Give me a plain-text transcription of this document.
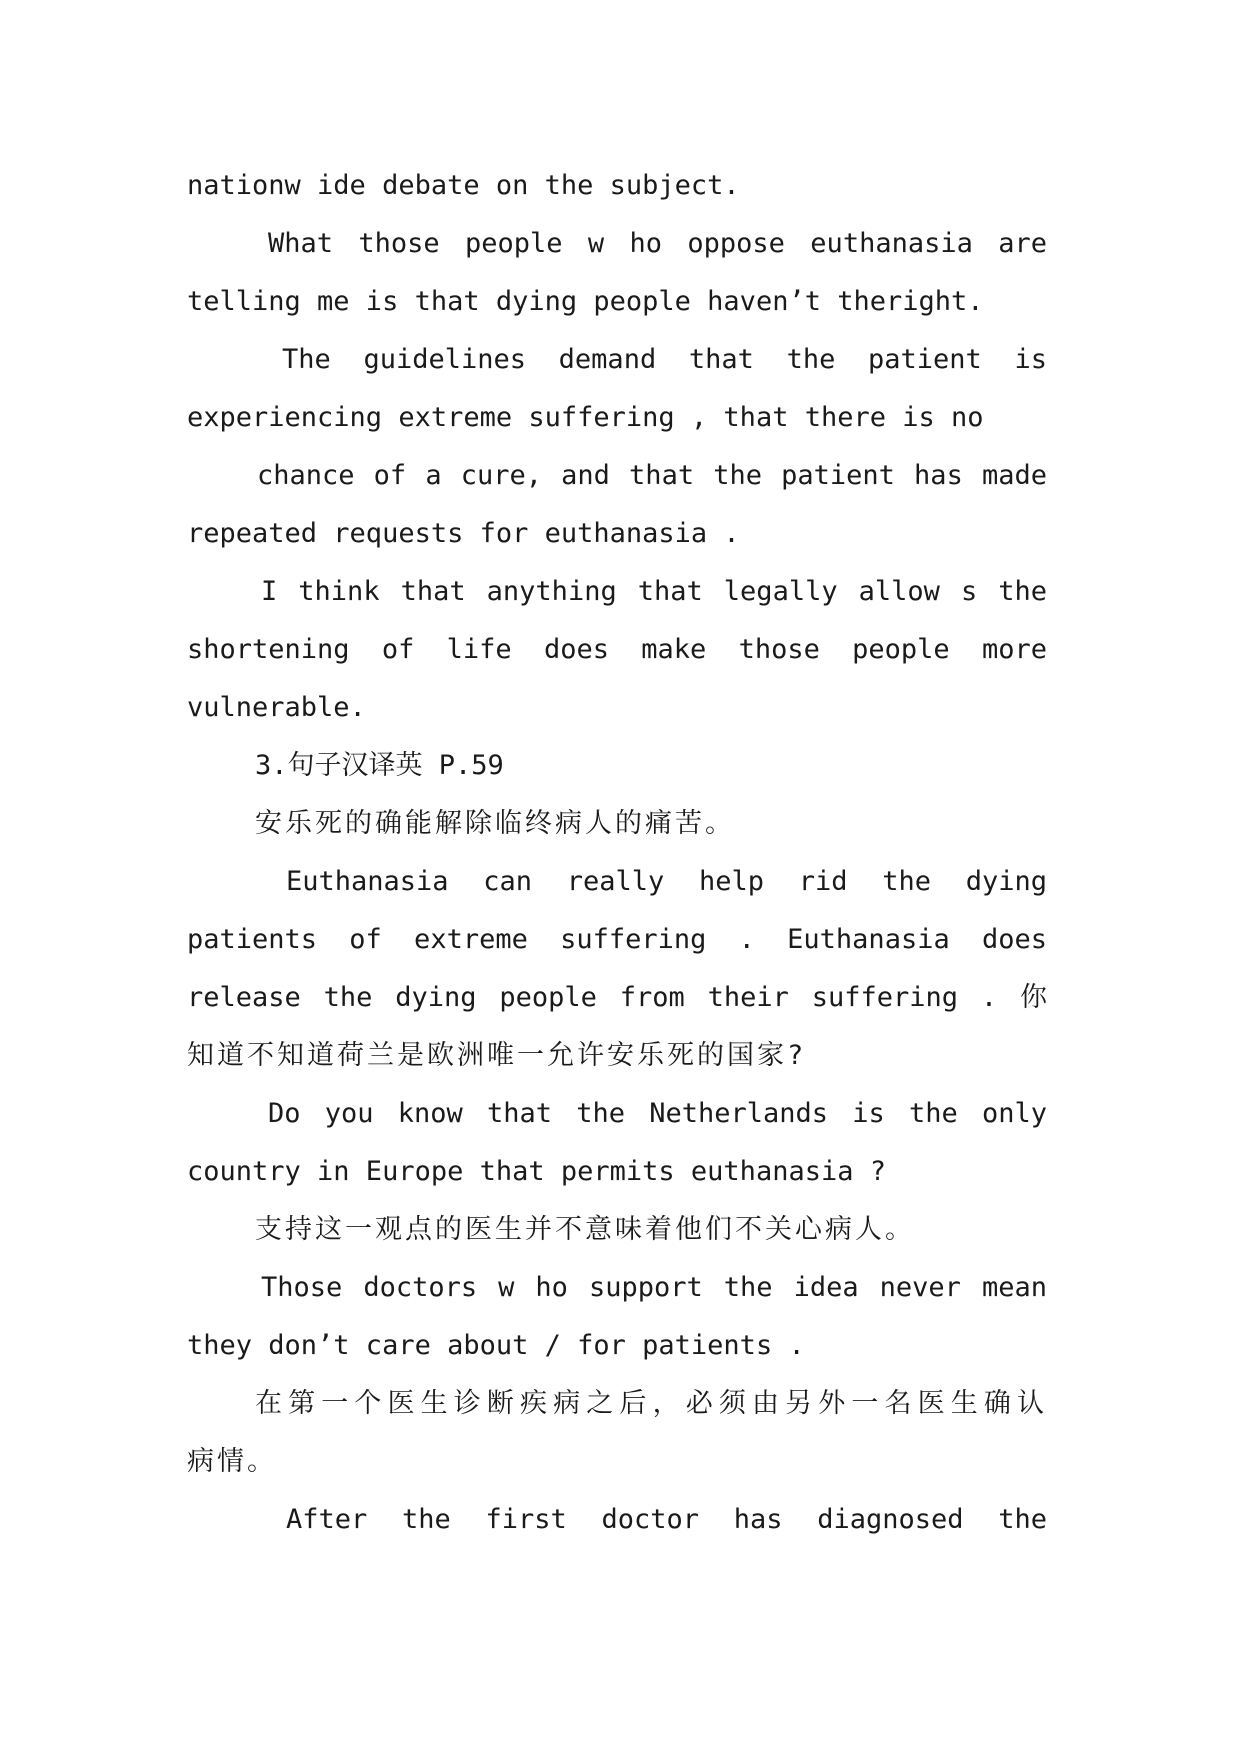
nationw ide debate on the subject.
What those people w ho oppose euthanasia are
telling me is that dying people haven’t theright.
The guidelines demand that the patient is
experiencing extreme suffering , that there is no
chance of a cure, and that the patient has made
repeated requests for euthanasia .
I think that anything that legally allow s the
shortening of life does make those people more
vulnerable.
3.句子汉译英 P.59
安乐死的确能解除临终病人的痛苦。
Euthanasia can really help rid the dying
patients of extreme suffering . Euthanasia does
release the dying people from their suffering . 你
知道不知道荷兰是欧洲唯一允许安乐死的国家?
Do you know that the Netherlands is the only
country in Europe that permits euthanasia ?
支持这一观点的医生并不意味着他们不关心病人。
Those doctors w ho support the idea never mean
they don’t care about / for patients .
在第一个医生诊断疾病之后，必须由另外一名医生确认
病情。
After the first doctor has diagnosed the
